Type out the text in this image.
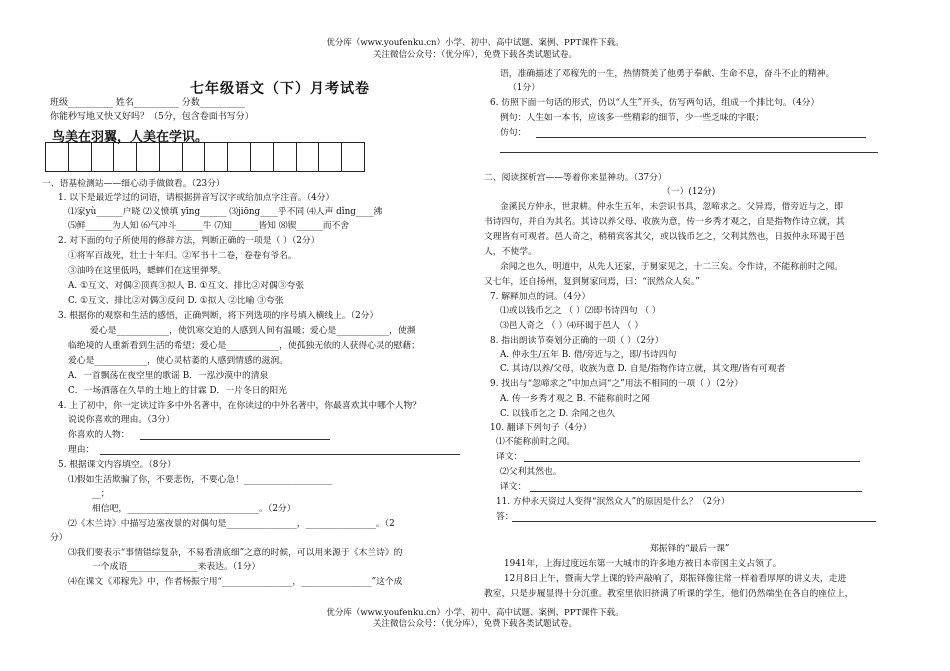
优分库（www.youfenku.cn）小学、初中、高中试题、案例、PPT课件下载。
关注微信公众号：（优分库），免费下载各类试题试卷。
七年级语文（下）月考试卷
班级__________ 姓名__________ 分数__________
你能秒写地又快又好吗？（5分，包含卷面书写分）
鸟美在羽翼，人美在学识。
一、语基检测站——细心动手做做看。（23分）
1. 以下是最近学过的词语，请根据拼音写汉字或给加点字注音。（4分）
⑴家yù______户晓 ⑵义愤填 yīng______ ⑶jiōng____乎不同 ⑷人声 dǐng____沸
⑸鲜______为人知 ⑹气冲斗______牛 ⑺知______皆知 ⑻锲______而不舍
2. 对下面的句子所使用的修辞方法，判断正确的一项是（ ）（2分）
①将军百战死，壮士十年归。②军书十二卷，卷卷有爷名。
③油吟在这里低吗，蟋蟀们在这里弹琴。
A. ①互文、对偶②顶真③拟人 B. ①互文、排比②对偶③夸张
C. ①互文、排比②对偶③反问 D. ①拟人 ②比喻 ③夸张
3. 根据你的观察和生活的感悟，正确判断，将下列选项的序号填入横线上。（2分）
爱心是____________，使饥寒交迫的人感到人间有温暖；爱心是____________，使濒
临绝境的人重新看到生活的希望；爱心是____________，使孤独无依的人获得心灵的慰藉；
爱心是____________，使心灵枯萎的人感到情感的滋润。
A．一首飘荡在夜空里的歌谣 B．一泓沙漠中的清泉
C．一场洒落在久旱的土地上的甘霖 D．一片冬日的阳光
4. 上了初中，你一定读过许多中外名著中，在你读过的中外名著中，你最喜欢其中哪个人物？
说说你喜欢的理由。（3分）
你喜欢的人物：
理由：
5. 根据课文内容填空。（8分）
⑴假如生活欺骗了你，不要悲伤，不要心急！____________________
__；
相信吧，______________________________。（2分）
⑵《木兰诗》中描写边塞夜景的对偶句是________________，________________。（2
分）
⑶我们要表示“事情错综复杂，不易看清底细”之意的时候，可以用来源于《木兰诗》的
一个成语________________来表达。（1分）
⑷在课文《邓稼先》中，作者杨振宁用“________________，________________”这个成
语，准确描述了邓稼先的一生，热情赞美了他勇于奉献、生命不息，奋斗不止的精神。
（1分）
6. 仿照下面一句话的形式，仍以“人生”开头，仿写两句话，组成一个排比句。（4分）
例句：人生如一本书，应该多一些精彩的细节，少一些乏味的字眼；
仿句：
二、阅读探析宫——等着你来显神功。（37分）
（一）(12分)
金溪民方仲永，世隶耕。仲永生五年，未尝识书具，忽啼求之。父异焉，借旁近与之，即
书诗四句，并自为其名。其诗以养父母、收族为意，传一乡秀才观之，自是指物作诗立就，其
文理皆有可观者。邑人奇之，稍稍宾客其父，或以钱币乞之，父利其然也，日扳仲永环谒于邑
人，不使学。
余闻之也久，明道中，从先人还家，于舅家见之，十二三矣。令作诗，不能称前时之闻。
又七年，还自扬州，复到舅家问焉，曰：“泯然众人矣。”
7. 解释加点的词。（4分）
⑴或以钱币乞之 （ ）⑵即书诗四句 （ ）
⑶邑人奇之 （ ）⑷环谒于邑人 （ ）
8. 指出朗读节奏划分正确的一项（ ）（2分）
A. 仲永生/五年 B. 借/旁近与之，即/书诗四句
C. 其诗/以养/父母，收族为意 D. 自是/指物作诗立就，其文理/皆有可观者
9. 找出与“忽啼求之”中加点词“之”用法不相同的一项（ ）（2分）
A. 传一乡秀才观之 B. 不能称前时之闻
C. 以钱币乞之 D. 余闻之也久
10. 翻译下列句子（4分）
⑴不能称前时之闻。
译文：
⑵父利其然也。
译文：
11. 方仲永天资过人变得“泯然众人”的原因是什么？（2分）
答：
郑振铎的“最后一课”
1941年，上海过度远东第一大城市的许多地方被日本帝国主义占领了。
12月8日上午，暨南大学上课的铃声敲响了，郑振铎像往常一样着看厚厚的讲义夫，走进
教室，只是步履显得十分沉重。教室里依旧挤满了听课的学生，他们仍然端坐在各自的座位上，
优分库（www.youfenku.cn）小学、初中、高中试题、案例、PPT课件下载。
关注微信公众号：（优分库），免费下载各类试题试卷。
